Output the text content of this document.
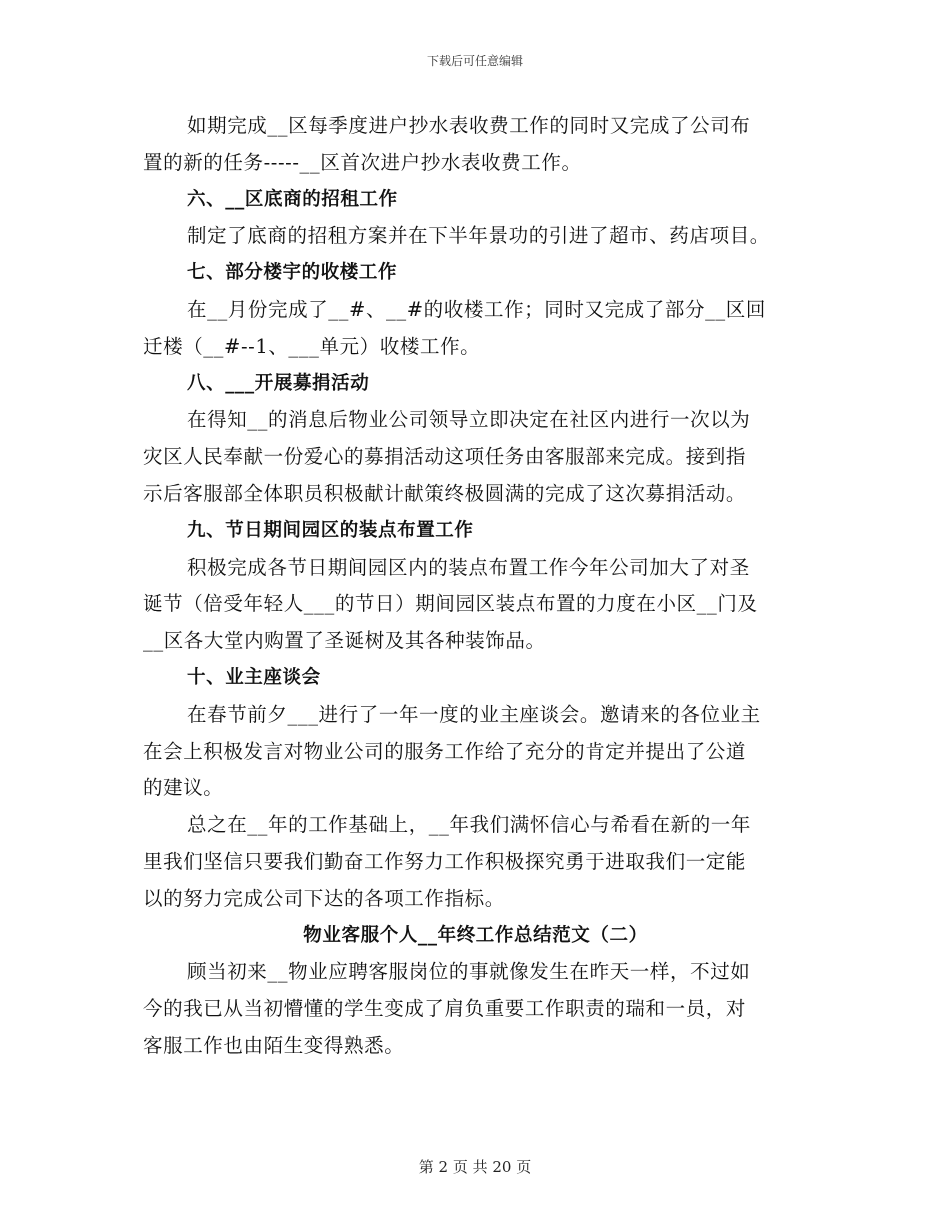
下载后可任意编辑
如期完成__区每季度进户抄水表收费工作的同时又完成了公司布
置的新的任务-----__区首次进户抄水表收费工作。
六、__区底商的招租工作
制定了底商的招租方案并在下半年景功的引进了超市、药店项目。
七、部分楼宇的收楼工作
在__月份完成了__#、__#的收楼工作；同时又完成了部分__区回
迁楼（__#--1、___单元）收楼工作。
八、___开展募捐活动
在得知__的消息后物业公司领导立即决定在社区内进行一次以为
灾区人民奉献一份爱心的募捐活动这项任务由客服部来完成。接到指
示后客服部全体职员积极献计献策终极圆满的完成了这次募捐活动。
九、节日期间园区的装点布置工作
积极完成各节日期间园区内的装点布置工作今年公司加大了对圣
诞节（倍受年轻人___的节日）期间园区装点布置的力度在小区__门及
__区各大堂内购置了圣诞树及其各种装饰品。
十、业主座谈会
在春节前夕___进行了一年一度的业主座谈会。邀请来的各位业主
在会上积极发言对物业公司的服务工作给了充分的肯定并提出了公道
的建议。
总之在__年的工作基础上，__年我们满怀信心与希看在新的一年
里我们坚信只要我们勤奋工作努力工作积极探究勇于进取我们一定能
以的努力完成公司下达的各项工作指标。
物业客服个人__年终工作总结范文（二）
顾当初来__物业应聘客服岗位的事就像发生在昨天一样，不过如
今的我已从当初懵懂的学生变成了肩负重要工作职责的瑞和一员，对
客服工作也由陌生变得熟悉。
第 2 页 共 20 页
